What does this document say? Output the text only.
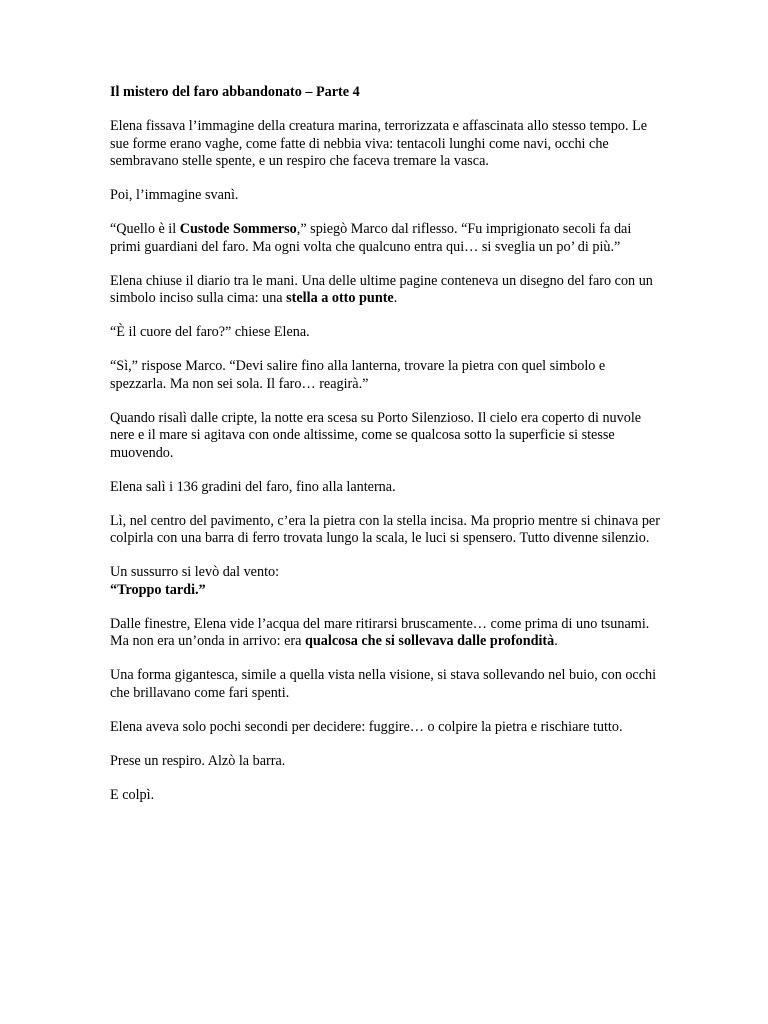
Il mistero del faro abbandonato – Parte 4

Elena fissava l’immagine della creatura marina, terrorizzata e affascinata allo stesso tempo. Le sue forme erano vaghe, come fatte di nebbia viva: tentacoli lunghi come navi, occhi che sembravano stelle spente, e un respiro che faceva tremare la vasca.

Poi, l’immagine svanì.

“Quello è il Custode Sommerso,” spiegò Marco dal riflesso. “Fu imprigionato secoli fa dai primi guardiani del faro. Ma ogni volta che qualcuno entra qui… si sveglia un po’ di più.”

Elena chiuse il diario tra le mani. Una delle ultime pagine conteneva un disegno del faro con un simbolo inciso sulla cima: una stella a otto punte.

“È il cuore del faro?” chiese Elena.

“Sì,” rispose Marco. “Devi salire fino alla lanterna, trovare la pietra con quel simbolo e spezzarla. Ma non sei sola. Il faro… reagirà.”

Quando risalì dalle cripte, la notte era scesa su Porto Silenzioso. Il cielo era coperto di nuvole nere e il mare si agitava con onde altissime, come se qualcosa sotto la superficie si stesse muovendo.

Elena salì i 136 gradini del faro, fino alla lanterna.

Lì, nel centro del pavimento, c’era la pietra con la stella incisa. Ma proprio mentre si chinava per colpirla con una barra di ferro trovata lungo la scala, le luci si spensero. Tutto divenne silenzio.

Un sussurro si levò dal vento:
“Troppo tardi.”

Dalle finestre, Elena vide l’acqua del mare ritirarsi bruscamente… come prima di uno tsunami. Ma non era un’onda in arrivo: era qualcosa che si sollevava dalle profondità.

Una forma gigantesca, simile a quella vista nella visione, si stava sollevando nel buio, con occhi che brillavano come fari spenti.

Elena aveva solo pochi secondi per decidere: fuggire… o colpire la pietra e rischiare tutto.

Prese un respiro. Alzò la barra.

E colpì.
